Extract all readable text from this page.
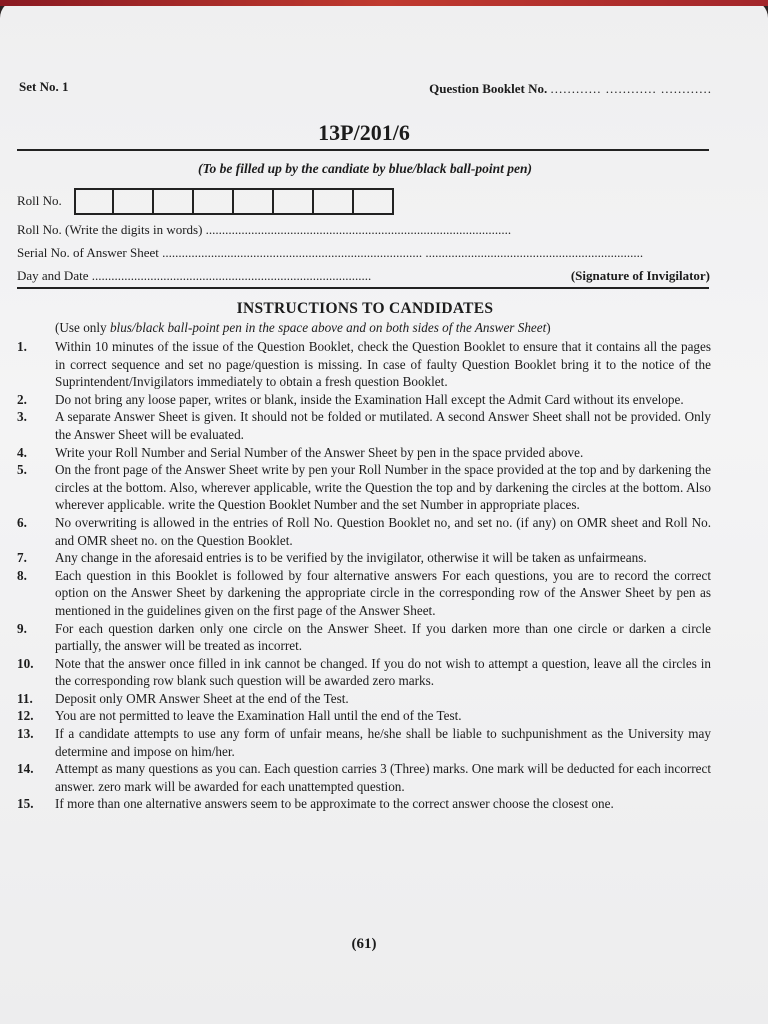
Set No. 1	Question Booklet No. ............ ............ ............
13P/201/6
(To be filled up by the candiate by blue/black ball-point pen)
Roll No.
Roll No. (Write the digits in words) ..............................................................................................
Serial No. of Answer Sheet ................................................................................ ...................................................................
Day and Date ......................................................................................	(Signature of Invigilator)
INSTRUCTIONS TO CANDIDATES
(Use only blus/black ball-point pen in the space above and on both sides of the Answer Sheet)
1. Within 10 minutes of the issue of the Question Booklet, check the Question Booklet to ensure that it contains all the pages in correct sequence and set no page/question is missing. In case of faulty Question Booklet bring it to the notice of the Suprintendent/Invigilators immediately to obtain a fresh question Booklet.
2. Do not bring any loose paper, writes or blank, inside the Examination Hall except the Admit Card without its envelope.
3. A separate Answer Sheet is given. It should not be folded or mutilated. A second Answer Sheet shall not be provided. Only the Answer Sheet will be evaluated.
4. Write your Roll Number and Serial Number of the Answer Sheet by pen in the space prvided above.
5. On the front page of the Answer Sheet write by pen your Roll Number in the space provided at the top and by darkening the circles at the bottom. Also, wherever applicable, write the Question the top and by darkening the circles at the bottom. Also wherever applicable. write the Question Booklet Number and the set Number in appropriate places.
6. No overwriting is allowed in the entries of Roll No. Question Booklet no, and set no. (if any) on OMR sheet and Roll No. and OMR sheet no. on the Question Booklet.
7. Any change in the aforesaid entries is to be verified by the invigilator, otherwise it will be taken as unfairmeans.
8. Each question in this Booklet is followed by four alternative answers For each questions, you are to record the correct option on the Answer Sheet by darkening the appropriate circle in the corresponding row of the Answer Sheet by pen as mentioned in the guidelines given on the first page of the Answer Sheet.
9. For each question darken only one circle on the Answer Sheet. If you darken more than one circle or darken a circle partially, the answer will be treated as incorret.
10. Note that the answer once filled in ink cannot be changed. If you do not wish to attempt a question, leave all the circles in the corresponding row blank such question will be awarded zero marks.
11. Deposit only OMR Answer Sheet at the end of the Test.
12. You are not permitted to leave the Examination Hall until the end of the Test.
13. If a candidate attempts to use any form of unfair means, he/she shall be liable to suchpunishment as the University may determine and impose on him/her.
14. Attempt as many questions as you can. Each question carries 3 (Three) marks. One mark will be deducted for each incorrect answer. zero mark will be awarded for each unattempted question.
15. If more than one alternative answers seem to be approximate to the correct answer choose the closest one.
(61)
